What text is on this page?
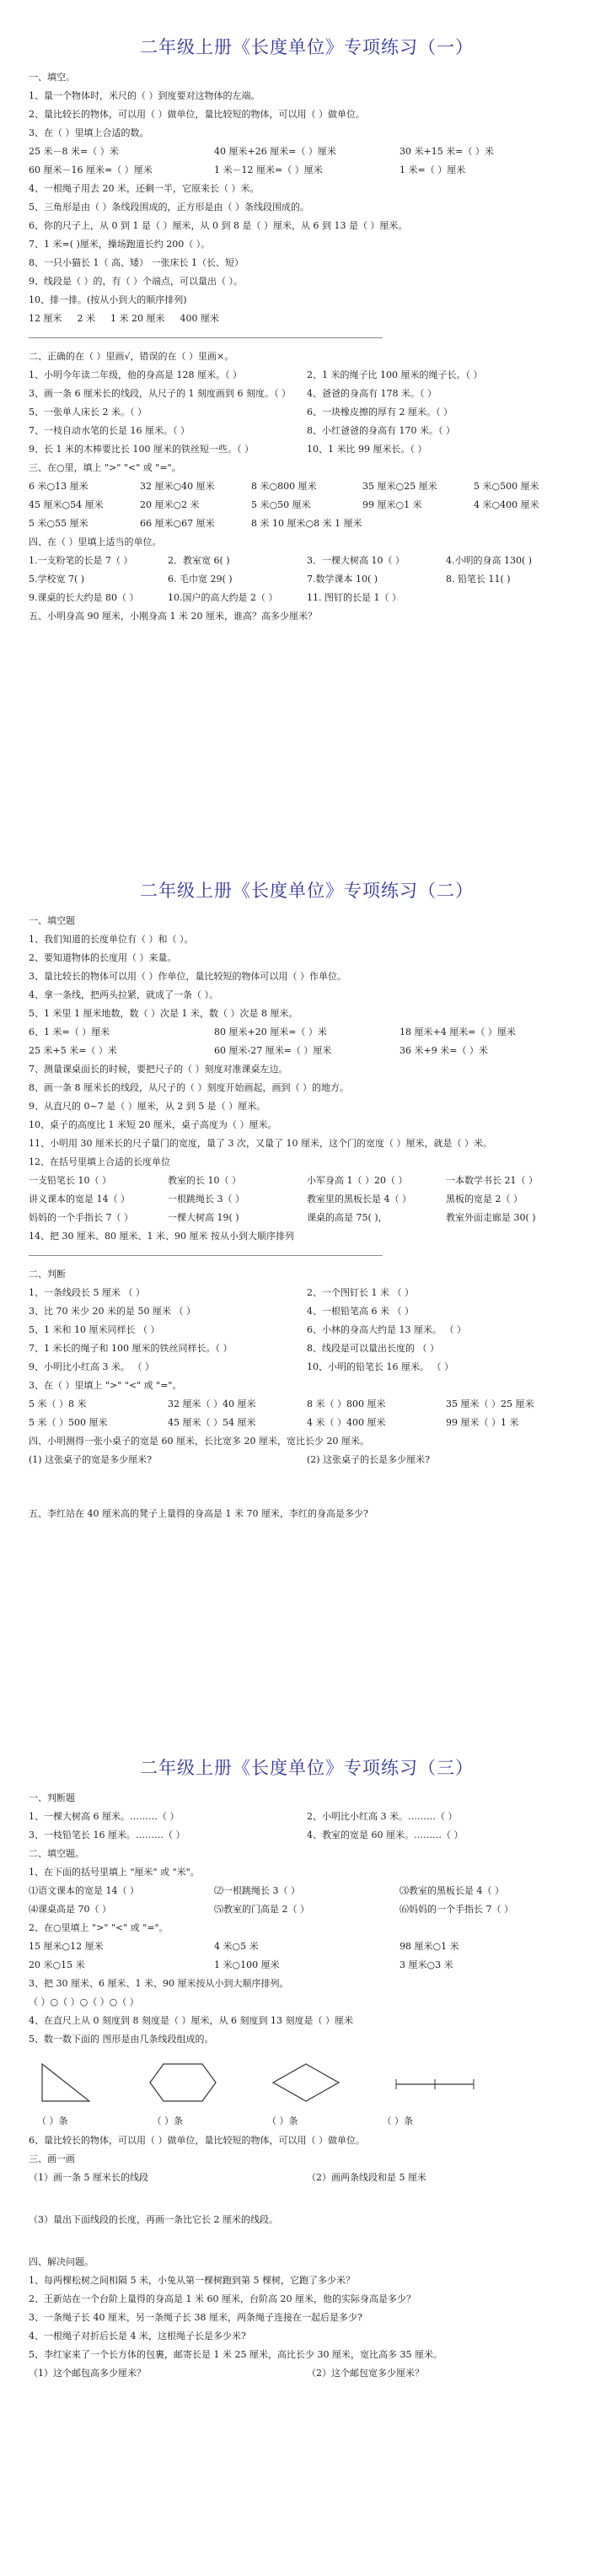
二年级上册《长度单位》专项练习（一）
一、填空。
1、量一个物体时，米尺的（ ）到度要对这物体的左端。
2、量比较长的物体，可以用（ ）做单位，量比较短的物体，可以用（ ）做单位。
3、在（ ）里填上合适的数。
25 米－8 米=（ ）米	40 厘米+26 厘米=（ ）厘米	30 米+15 米=（ ）米
60 厘米－16 厘米=（ ）厘米	1 米－12 厘米=（ ）厘米	1 米=（ ）厘米
4、一根绳子用去 20 米，还剩一半，它原来长（ ）米。
5、三角形是由（ ）条线段围成的，正方形是由（ ）条线段围成的。
6、你的尺子上，从 0 到 1 是（ ）厘米，从 0 到 8 是（ ）厘米，从 6 到 13 是（ ）厘米。
7、1 米=( )厘米，操场跑道长约 200（ ）。
8、一只小猫长 1（ 高、矮） 一张床长 1（长、短）
9、线段是（ ）的，有（ ）个端点，可以量出（ ）。
10、排一排。(按从小到大的顺序排列)
12 厘米 2 米 1 米 20 厘米 400 厘米
二、正确的在（ ）里画√，错误的在（ ）里画×。
1、小明今年读二年级，他的身高是 128 厘米。（ ）	2、1 米的绳子比 100 厘米的绳子长。（ ）
3、画一条 6 厘米长的线段，从尺子的 1 刻度画到 6 刻度。（ ）	4、爸爸的身高有 178 米。（ ）
5、一张单人床长 2 米。（ ）	6、一块橡皮擦的厚有 2 厘米。（ ）
7、一枝自动水笔的长是 16 厘米。（ ）	8、小红爸爸的身高有 170 米。（ ）
9、长 1 米的木棒要比长 100 厘米的铁丝短一些。（ ）	10、1 米比 99 厘米长。（ ）
三、在○里，填上 ">" "<" 或 "="。
6 米○13 厘米	32 厘米○40 厘米	8 米○800 厘米	35 厘米○25 厘米	5 米○500 厘米
45 厘米○54 厘米	20 厘米○2 米	5 米○50 厘米	99 厘米○1 米	4 米○400 厘米
5 米○55 厘米	66 厘米○67 厘米	8 米 10 厘米○8 米 1 厘米
四、在（ ）里填上适当的单位。
1.一支粉笔的长是 7（ ）	2．教室宽 6( )	3．一棵大树高 10（ ）	4.小明的身高 130( )
5.学校宽 7( )	6. 毛巾宽 29( )	7.数学课本 10( )	8. 铅笔长 11( )
9.课桌的长大约是 80（ ）	10.国户的高大约是 2（ ）	11. 图钉的长是 1（ ）
五、小明身高 90 厘米，小刚身高 1 米 20 厘米，谁高？高多少厘米？
二年级上册《长度单位》专项练习（二）
一、填空题
1、我们知道的长度单位有（ ）和（ ）。
2、要知道物体的长度用（ ）来量。
3、量比较长的物体可以用（ ）作单位，量比较短的物体可以用（ ）作单位。
4、拿一条线，把两头拉紧，就成了一条（ ）。
5、1 米里 1 厘米地数，数（ ）次是 1 米，数（ ）次是 8 厘米。
6、1 米=（ ）厘米	80 厘米+20 厘米=（ ）米	18 厘米+4 厘米=（ ）厘米
25 米+5 米=（ ）米	60 厘米-27 厘米=（ ）厘米	36 米+9 米=（ ）米
7、测量课桌面长的时候，要把尺子的（ ）刻度对准课桌左边。
8、画一条 8 厘米长的线段，从尺子的（ ）刻度开始画起，画到（ ）的地方。
9、从直尺的 0~7 是（ ）厘米，从 2 到 5 是（ ）厘米。
10、桌子的高度比 1 米短 20 厘米，桌子高度为（ ）厘米。
11、小明用 30 厘米长的尺子量门的宽度，量了 3 次，又量了 10 厘米，这个门的宽度（ ）厘米，就是（ ）米。
12、在括号里填上合适的长度单位
一支铅笔长 10（ ）	教室的长 10（ ）	小军身高 1（ ）20（ ）	一本数学书长 21（ ）
讲义课本的宽是 14（ ）	一根跳绳长 3（ ）	教室里的黑板长是 4（ ）	黑板的宽是 2（ ）
妈妈的一个手指长 7（ ）	一棵大树高 19( )	课桌的高是 75( )，	教室外面走廊是 30( )
14、把 30 厘米、80 厘米、1 米、90 厘米 按从小到大顺序排列
二、判断
1、一条线段长 5 厘米 （ ）	2、一个图钉长 1 米 （ ）
3、比 70 米少 20 米的是 50 厘米 （ ）	4、一根铅笔高 6 米 （ ）
5、1 米和 10 厘米同样长 （ ）	6、小林的身高大约是 13 厘米。 （ ）
7、1 米长的绳子和 100 厘米的铁丝同样长。（ ）	8、线段是可以量出长度的 （ ）
9、小明比小红高 3 米。 （ ）	10、小明的铅笔长 16 厘米。 （ ）
3、在（ ）里填上 ">" "<" 或 "="。
5 米（ ）8 米	32 厘米（ ）40 厘米	8 米（ ）800 厘米	35 厘米（ ）25 厘米
5 米（ ）500 厘米	45 厘米（ ）54 厘米	4 米（ ）400 厘米	99 厘米（ ）1 米
四、小明测得一张小桌子的宽是 60 厘米，长比宽多 20 厘米，宽比长少 20 厘米。
(1) 这张桌子的宽是多少厘米?	(2) 这张桌子的长是多少厘米?
五、李红站在 40 厘米高的凳子上量得的身高是 1 米 70 厘米，李红的身高是多少?
二年级上册《长度单位》专项练习（三）
一、判断题
1、一棵大树高 6 厘米。………（ ）	2、小明比小红高 3 米。………（ ）
3、一枝铅笔长 16 厘米。………（ ）	4、教室的宽是 60 厘米。………（ ）
二、填空题。
1、在下面的括号里填上 "厘米" 或 "米"。
⑴语文课本的宽是 14（ ）	⑵一根跳绳长 3（ ）	⑶教室的黑板长是 4（ ）
⑷课桌高是 70（ ）	⑸教室的门高是 2（ ）	⑹妈妈的一个手指长 7（ ）
2、在○里填上 ">" "<" 或 "="。
15 厘米○12 厘米	4 米○5 米	98 厘米○1 米
20 米○15 米	1 米○100 厘米	3 厘米○3 米
3、把 30 厘米、6 厘米、1 米、90 厘米按从小到大顺序排列。
（ ）○（ ）○（ ）○（ ）
4、在直尺上从 0 刻度到 8 刻度是（ ）厘米，从 6 刻度到 13 刻度是（ ）厘米
5、数一数下面的 图形是由几条线段组成的。
（ ）条	（ ）条	（ ）条	（ ）条
6、量比较长的物体，可以用（ ）做单位，量比较短的物体，可以用（ ）做单位。
三、画一画
（1）画一条 5 厘米长的线段	（2）画两条线段和是 5 厘米
（3）量出下面线段的长度，再画一条比它长 2 厘米的线段。
四、解决问题。
1、每两棵松树之间相隔 5 米，小兔从第一棵树跑到第 5 棵树，它跑了多少米？
2、王新站在一个台阶上量得的身高是 1 米 60 厘米，台阶高 20 厘米，他的实际身高是多少？
3、一条绳子长 40 厘米，另一条绳子长 38 厘米，两条绳子连接在一起后是多少?
4、一根绳子对折后长是 4 米，这根绳子长是多少米?
5、李红家来了一个长方体的包裹，邮寄长是 1 米 25 厘米，高比长少 30 厘米，宽比高多 35 厘米。
（1）这个邮包高多少厘米？	（2）这个邮包宽多少厘米？
